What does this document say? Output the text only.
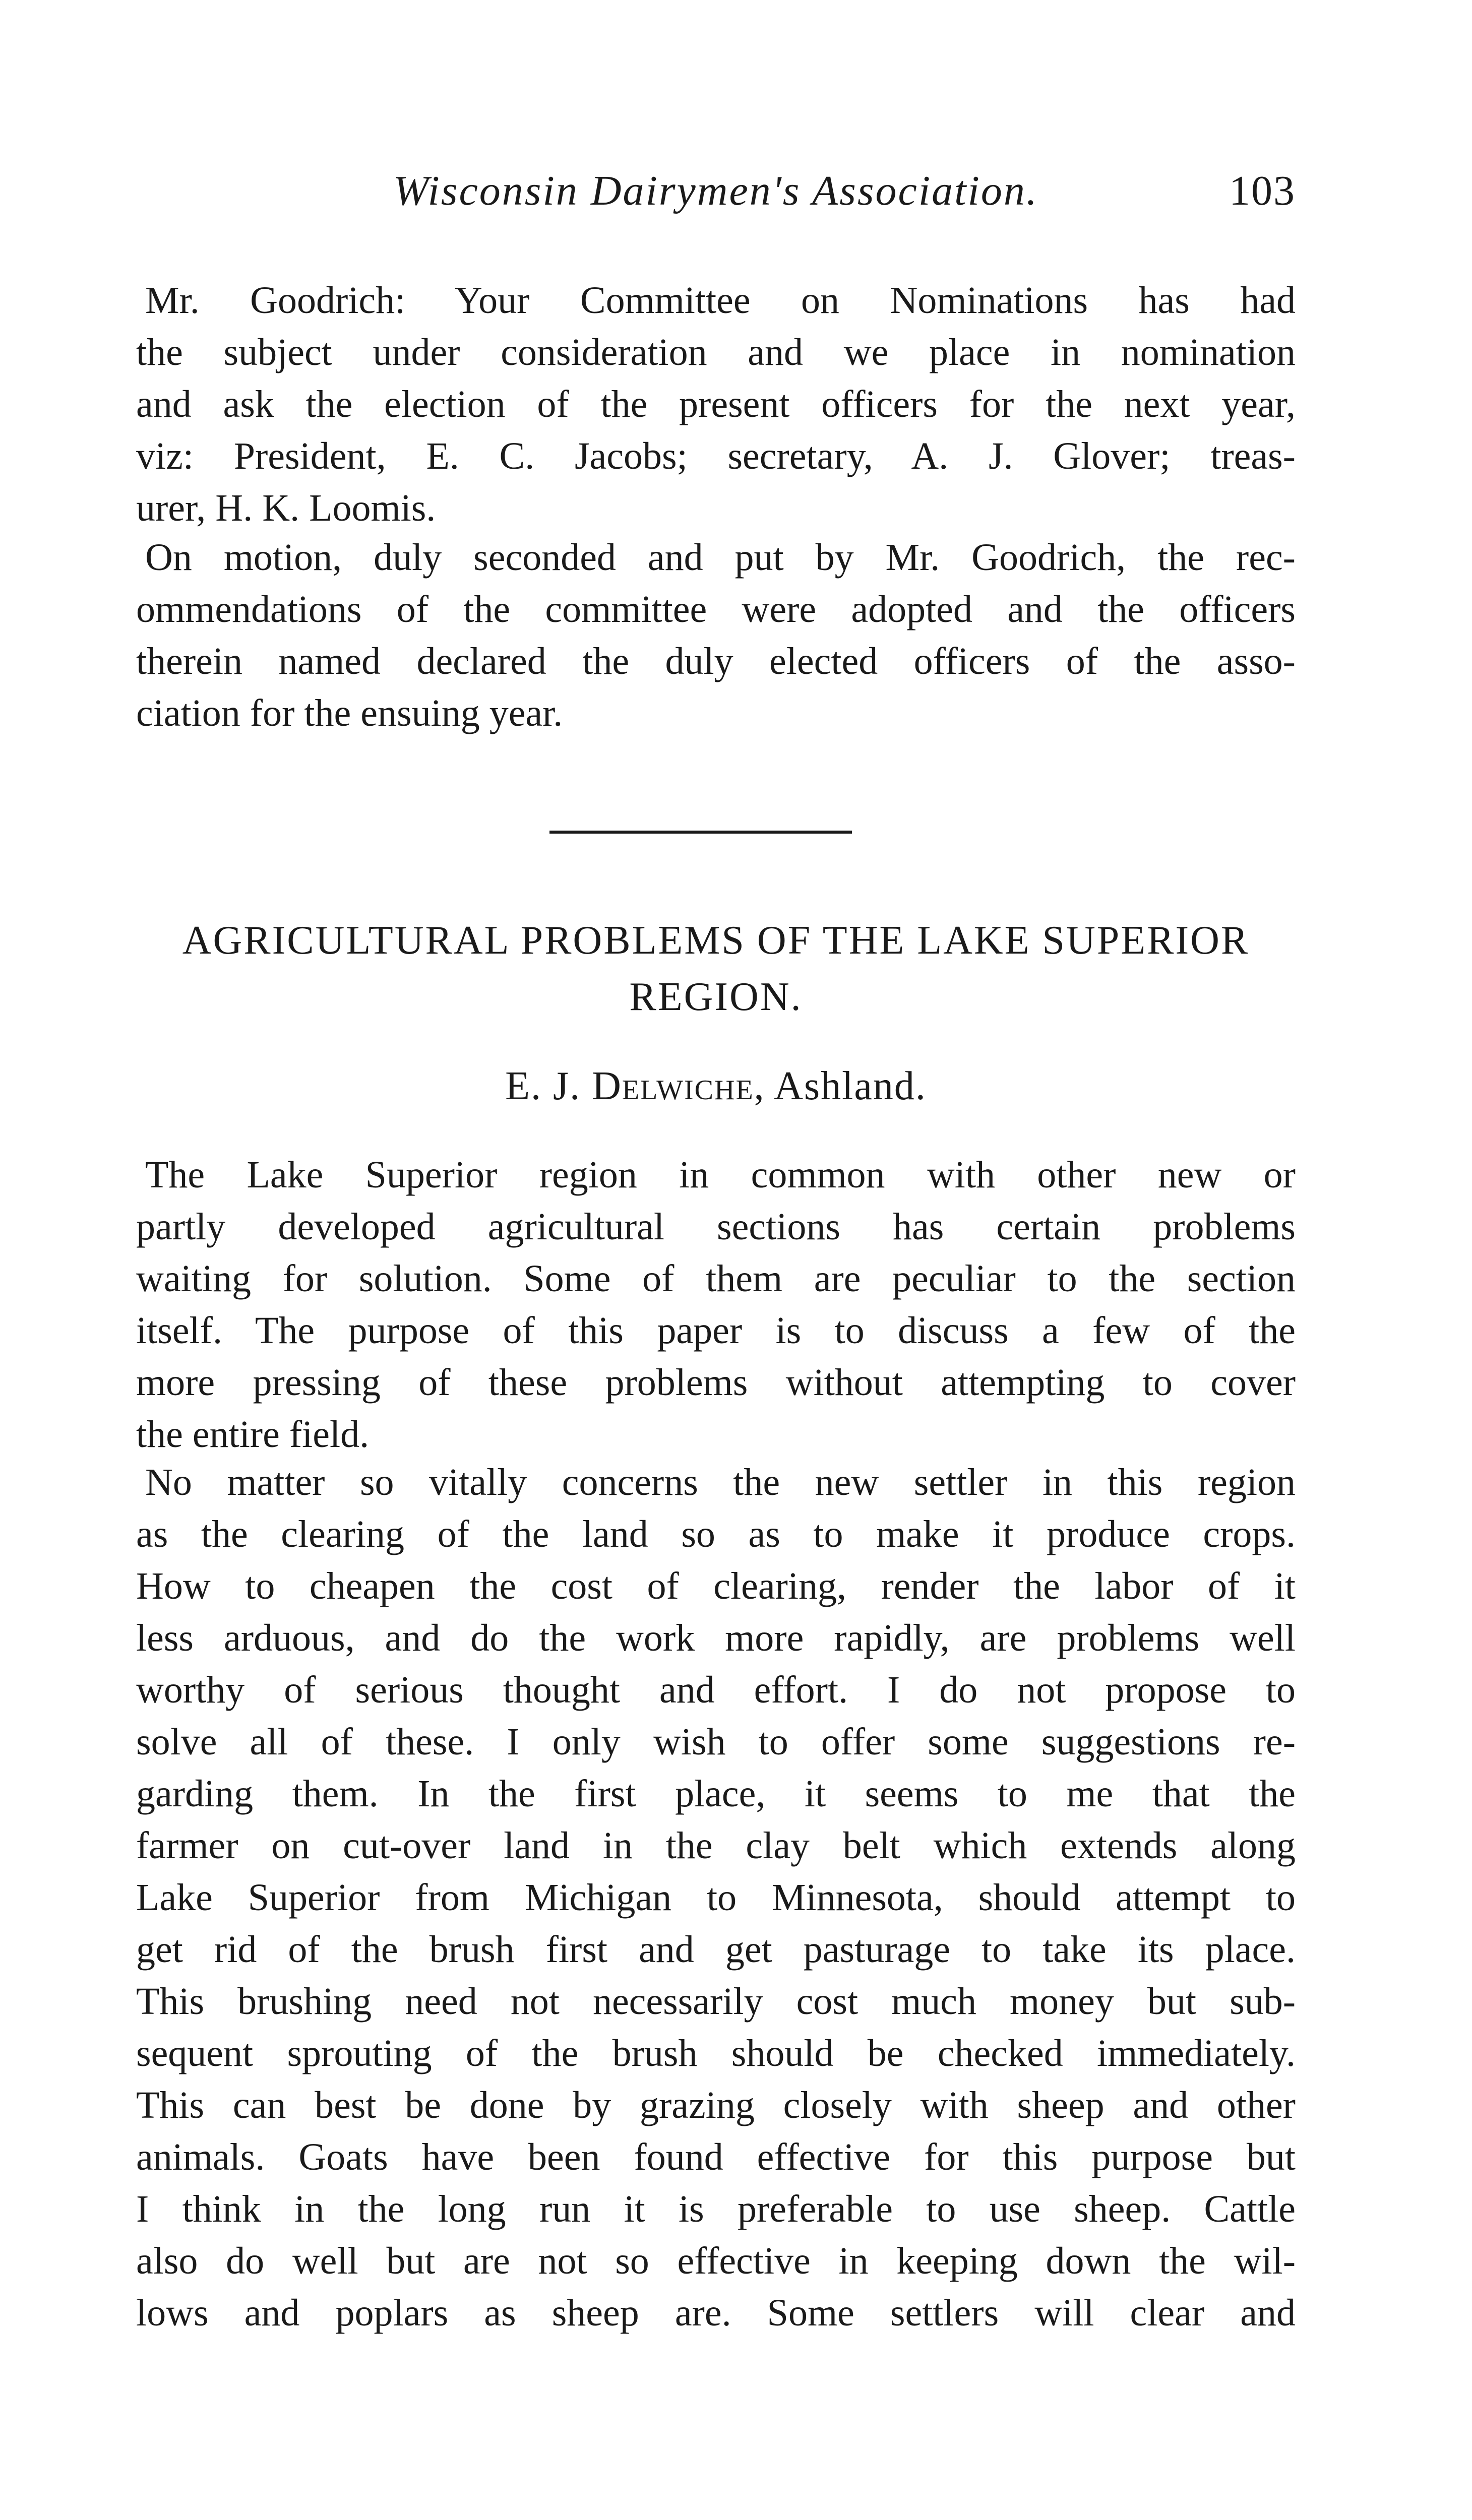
Wisconsin Dairymen's Association.	103
Mr. Goodrich: Your Committee on Nominations has had
the subject under consideration and we place in nomination
and ask the election of the present officers for the next year,
viz: President, E. C. Jacobs; secretary, A. J. Glover; treas-
urer, H. K. Loomis.
On motion, duly seconded and put by Mr. Goodrich, the rec-
ommendations of the committee were adopted and the officers
therein named declared the duly elected officers of the asso-
ciation for the ensuing year.
AGRICULTURAL PROBLEMS OF THE LAKE SUPERIOR
REGION.
E. J. Delwiche, Ashland.
The Lake Superior region in common with other new or
partly developed agricultural sections has certain problems
waiting for solution. Some of them are peculiar to the section
itself. The purpose of this paper is to discuss a few of the
more pressing of these problems without attempting to cover
the entire field.
No matter so vitally concerns the new settler in this region
as the clearing of the land so as to make it produce crops.
How to cheapen the cost of clearing, render the labor of it
less arduous, and do the work more rapidly, are problems well
worthy of serious thought and effort. I do not propose to
solve all of these. I only wish to offer some suggestions re-
garding them. In the first place, it seems to me that the
farmer on cut-over land in the clay belt which extends along
Lake Superior from Michigan to Minnesota, should attempt to
get rid of the brush first and get pasturage to take its place.
This brushing need not necessarily cost much money but sub-
sequent sprouting of the brush should be checked immediately.
This can best be done by grazing closely with sheep and other
animals. Goats have been found effective for this purpose but
I think in the long run it is preferable to use sheep. Cattle
also do well but are not so effective in keeping down the wil-
lows and poplars as sheep are. Some settlers will clear and
